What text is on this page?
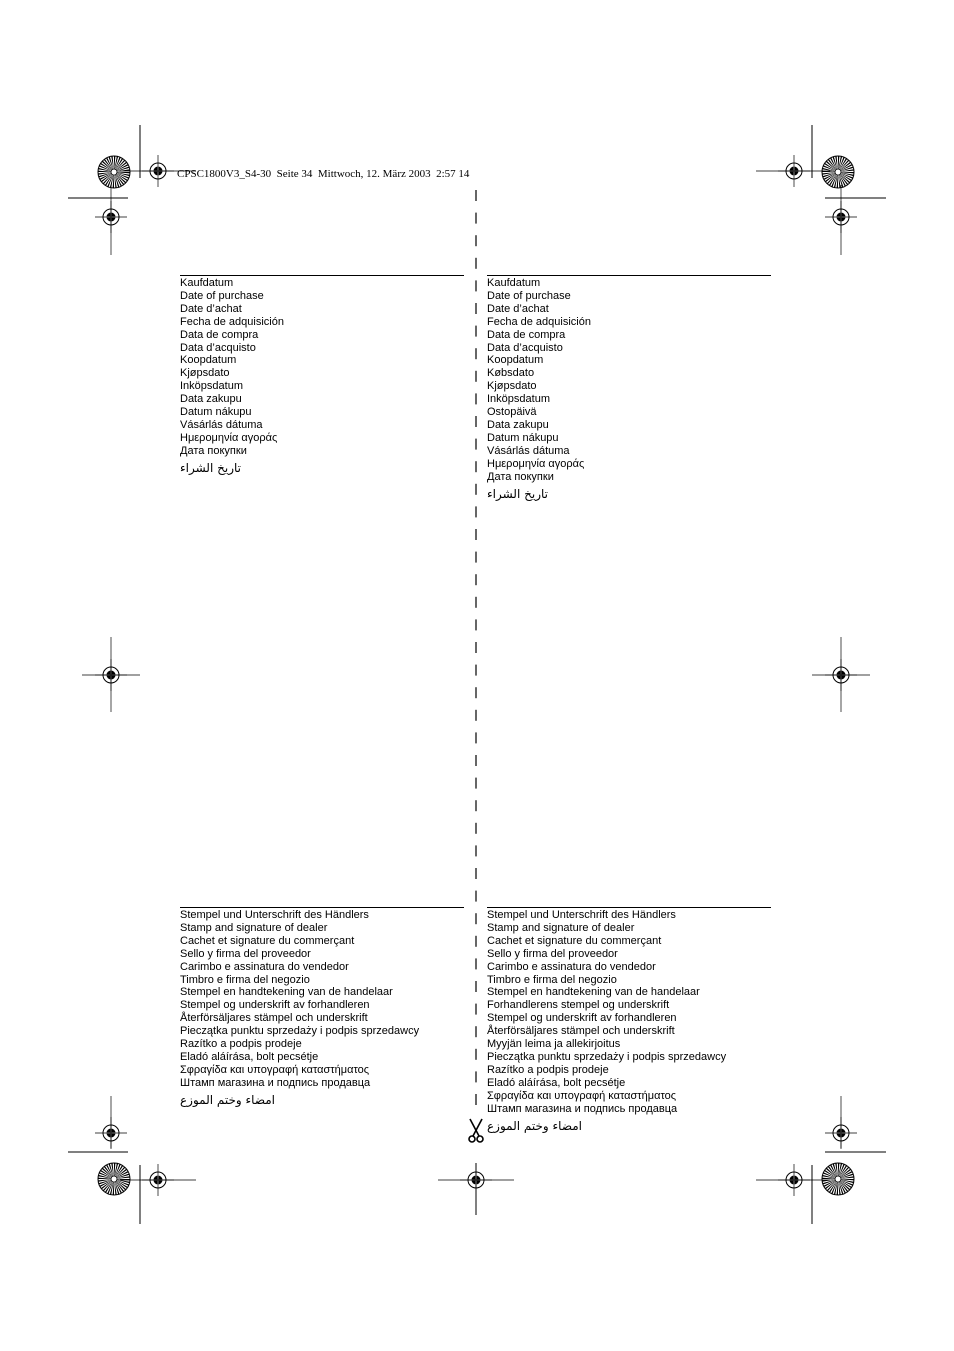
CPSC1800V3_S4-30  Seite 34  Mittwoch, 12. März 2003  2:57 14
Kaufdatum
Date of purchase
Date d’achat
Fecha de adquisición
Data de compra
Data d’acquisto
Koopdatum
Kjøpsdato
Inköpsdatum
Data zakupu
Datum nákupu
Vásárlás dátuma
Ημερομηνία αγοράς
Дата покупки
تاريخ الشراء
Kaufdatum
Date of purchase
Date d’achat
Fecha de adquisición
Data de compra
Data d’acquisto
Koopdatum
Købsdato
Kjøpsdato
Inköpsdatum
Ostopäivä
Data zakupu
Datum nákupu
Vásárlás dátuma
Ημερομηνία αγοράς
Дата покупки
تاريخ الشراء
Stempel und Unterschrift des Händlers
Stamp and signature of dealer
Cachet et signature du commerçant
Sello y firma del proveedor
Carimbo e assinatura do vendedor
Timbro e firma del negozio
Stempel en handtekening van de handelaar
Stempel og underskrift av forhandleren
Återförsäljares stämpel och underskrift
Pieczątka punktu sprzedaży i podpis sprzedawcy
Razítko a podpis prodeje
Eladó aláírása, bolt pecsétje
Σφραγίδα και υπογραφή καταστήματος
Штамп магазина и подпись продавца
امضاء وختم الموزع
Stempel und Unterschrift des Händlers
Stamp and signature of dealer
Cachet et signature du commerçant
Sello y firma del proveedor
Carimbo e assinatura do vendedor
Timbro e firma del negozio
Stempel en handtekening van de handelaar
Forhandlerens stempel og underskrift
Stempel og underskrift av forhandleren
Återförsäljares stämpel och underskrift
Myyjän leima ja allekirjoitus
Pieczątka punktu sprzedaży i podpis sprzedawcy
Razítko a podpis prodeje
Eladó aláírása, bolt pecsétje
Σφραγίδα και υπογραφή καταστήματος
Штамп магазина и подпись продавца
امضاء وختم الموزع
